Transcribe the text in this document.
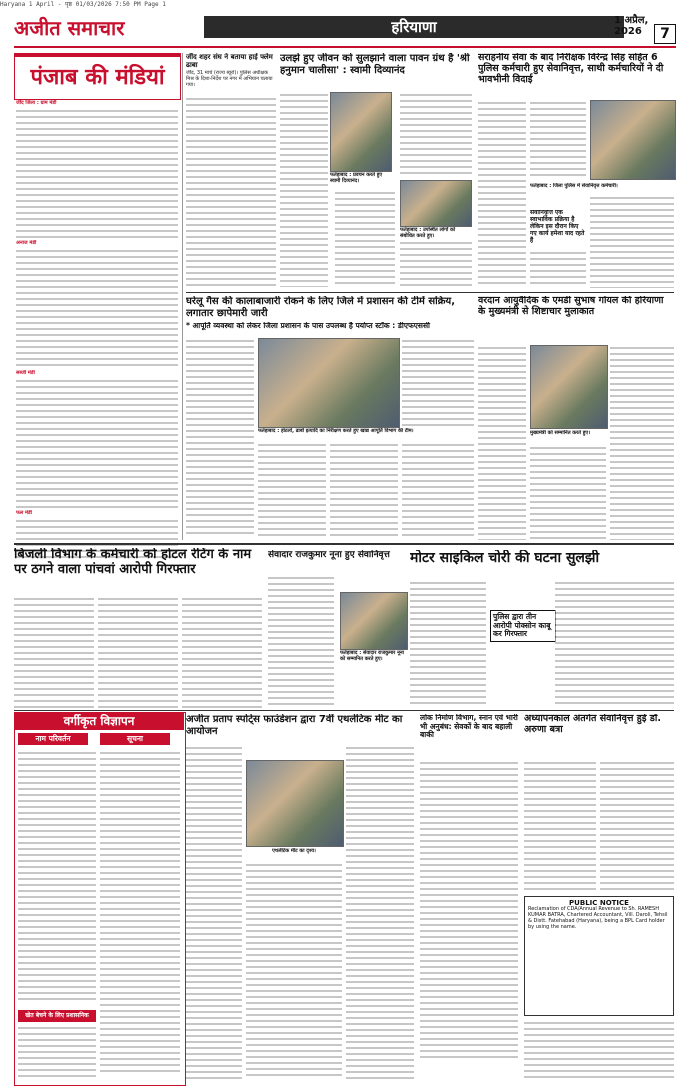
Haryana 1 April - पृष्ठ 01/03/2026 7:50 PM Page 1
अजीत समाचार	हरियाणा	1 अप्रैल, 2026	7
पंजाब की मंडियां
जींद जिला : ग्राम मंडी
अनाज मंडी
सब्जी मंडी
फल मंडी
जींद शहर संघ ने बताया हाई फ्लेम ढाबा
जींद, 31 मार्च (राज्य ब्यूरो)। पुलिस अधीक्षक मिश्र के दिशा-निर्देश पर नगर में अभियान चलाया गया।
उलझे हुए जीवन को सुलझाने वाला पावन ग्रंथ है 'श्री हनुमान चालीसा' : स्वामी दिव्यानंद
फतेहाबाद : प्रवचन करते हुए स्वामी दिव्यानंद।
फतेहाबाद : उपस्थित लोगों को संबोधित करते हुए।
सराहनीय सेवा के बाद निरीक्षक विरेन्द्र सिंह सहित 6 पुलिस कर्मचारी हुए सेवानिवृत्त, साथी कर्मचारियों ने दी भावभीनी विदाई
फतेहाबाद : जिला पुलिस में सेवानिवृत्त कर्मचारी।
सेवानिवृत्ति एक स्वाभाविक प्रक्रिया है लेकिन इस दौरान किए गए कार्य हमेशा याद रहते हैं
घरेलू गैस की कालाबाजारी रोकने के लिए जिले में प्रशासन की टीमें सक्रिय, लगातार छापेमारी जारी
* आपूर्ति व्यवस्था को लेकर जिला प्रशासन के पास उपलब्ध है पर्याप्त स्टॉक : डीएफएससी
फतेहाबाद : होटलों, ढाबों इत्यादि का निरीक्षण करते हुए खाद्य आपूर्ति विभाग की टीम।
वरदान आयुर्वैदिक के एमडी सुभाष गोयल की हरियाणा के मुख्यमंत्री से शिष्टाचार मुलाकात
मुख्यमंत्री को सम्मानित करते हुए।
बिजली विभाग के कर्मचारी को होटल रेटिंग के नाम पर ठगने वाला पांचवां आरोपी गिरफ्तार
सेवादार राजकुमार नूना हुए सेवानिवृत्त
फतेहाबाद : सेवादार राजकुमार नूना को सम्मानित करते हुए।
मोटर साइकिल चोरी की घटना सुलझी
पुलिस द्वारा तीन आरोपी पोक्सोन काबू कर गिरफ्तार
वर्गीकृत विज्ञापन
नाम परिवर्तन	सूचना
खेत बेचने के लिए प्रशासनिक
अजीत प्रताप स्पोर्ट्स फाउंडेशन द्वारा 7वीं एथलेटिक मीट का आयोजन
एथलेटिक मीट का दृश्य।
लोक निर्माण विभाग, स्नान एवं भारी भी अनुबंध: सेवकों के बाद बहाली बाकी
अध्यापनकाल अंतर्गत सेवानिवृत्त हुई डॉ. अरुणा बत्रा
PUBLIC NOTICE
Reclamation of CDA/Annual Revenue to Sh. RAMESH KUMAR BATRA, Chartered Accountant, Vill. Daroli, Tehsil & Distt. Fatehabad (Haryana), being a BPL Card holder by using the name.
